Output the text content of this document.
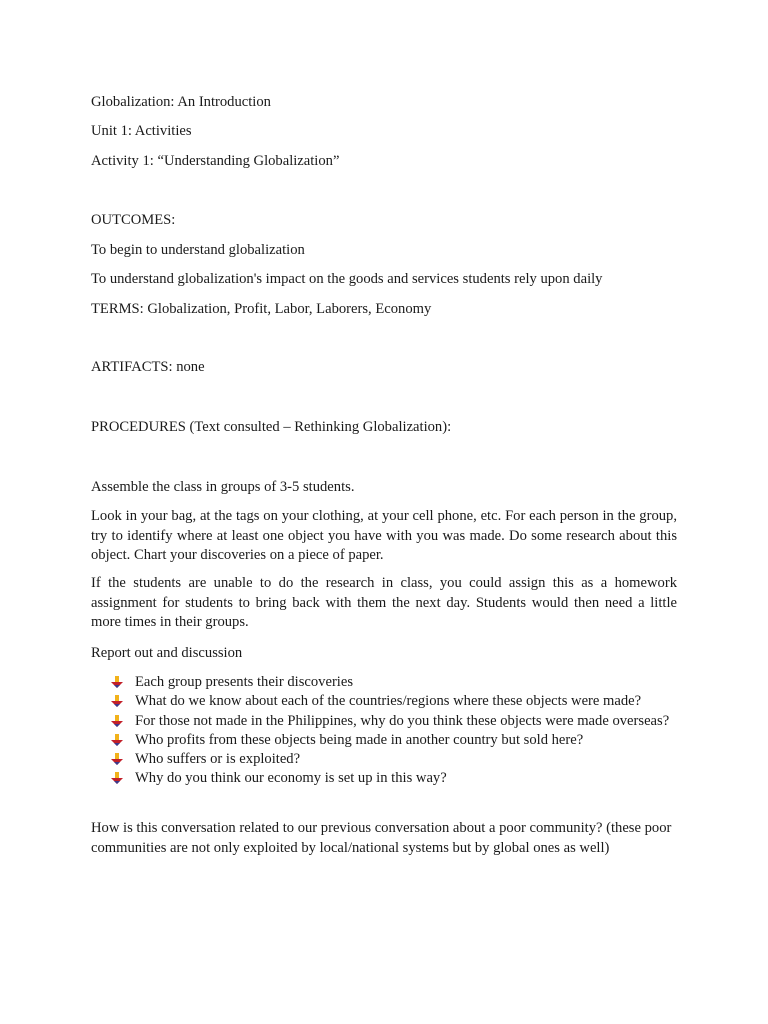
Globalization: An Introduction
Unit 1: Activities
Activity 1: “Understanding Globalization”
OUTCOMES:
To begin to understand globalization
To understand globalization's impact on the goods and services students rely upon daily
TERMS: Globalization, Profit, Labor, Laborers, Economy
ARTIFACTS: none
PROCEDURES (Text consulted – Rethinking Globalization):
Assemble the class in groups of 3-5 students.
Look in your bag, at the tags on your clothing, at your cell phone, etc. For each person in the group, try to identify where at least one object you have with you was made. Do some research about this object. Chart your discoveries on a piece of paper.
If the students are unable to do the research in class, you could assign this as a homework assignment for students to bring back with them the next day. Students would then need a little more times in their groups.
Report out and discussion
Each group presents their discoveries
What do we know about each of the countries/regions where these objects were made?
For those not made in the Philippines, why do you think these objects were made overseas?
Who profits from these objects being made in another country but sold here?
Who suffers or is exploited?
Why do you think our economy is set up in this way?
How is this conversation related to our previous conversation about a poor community? (these poor communities are not only exploited by local/national systems but by global ones as well)
